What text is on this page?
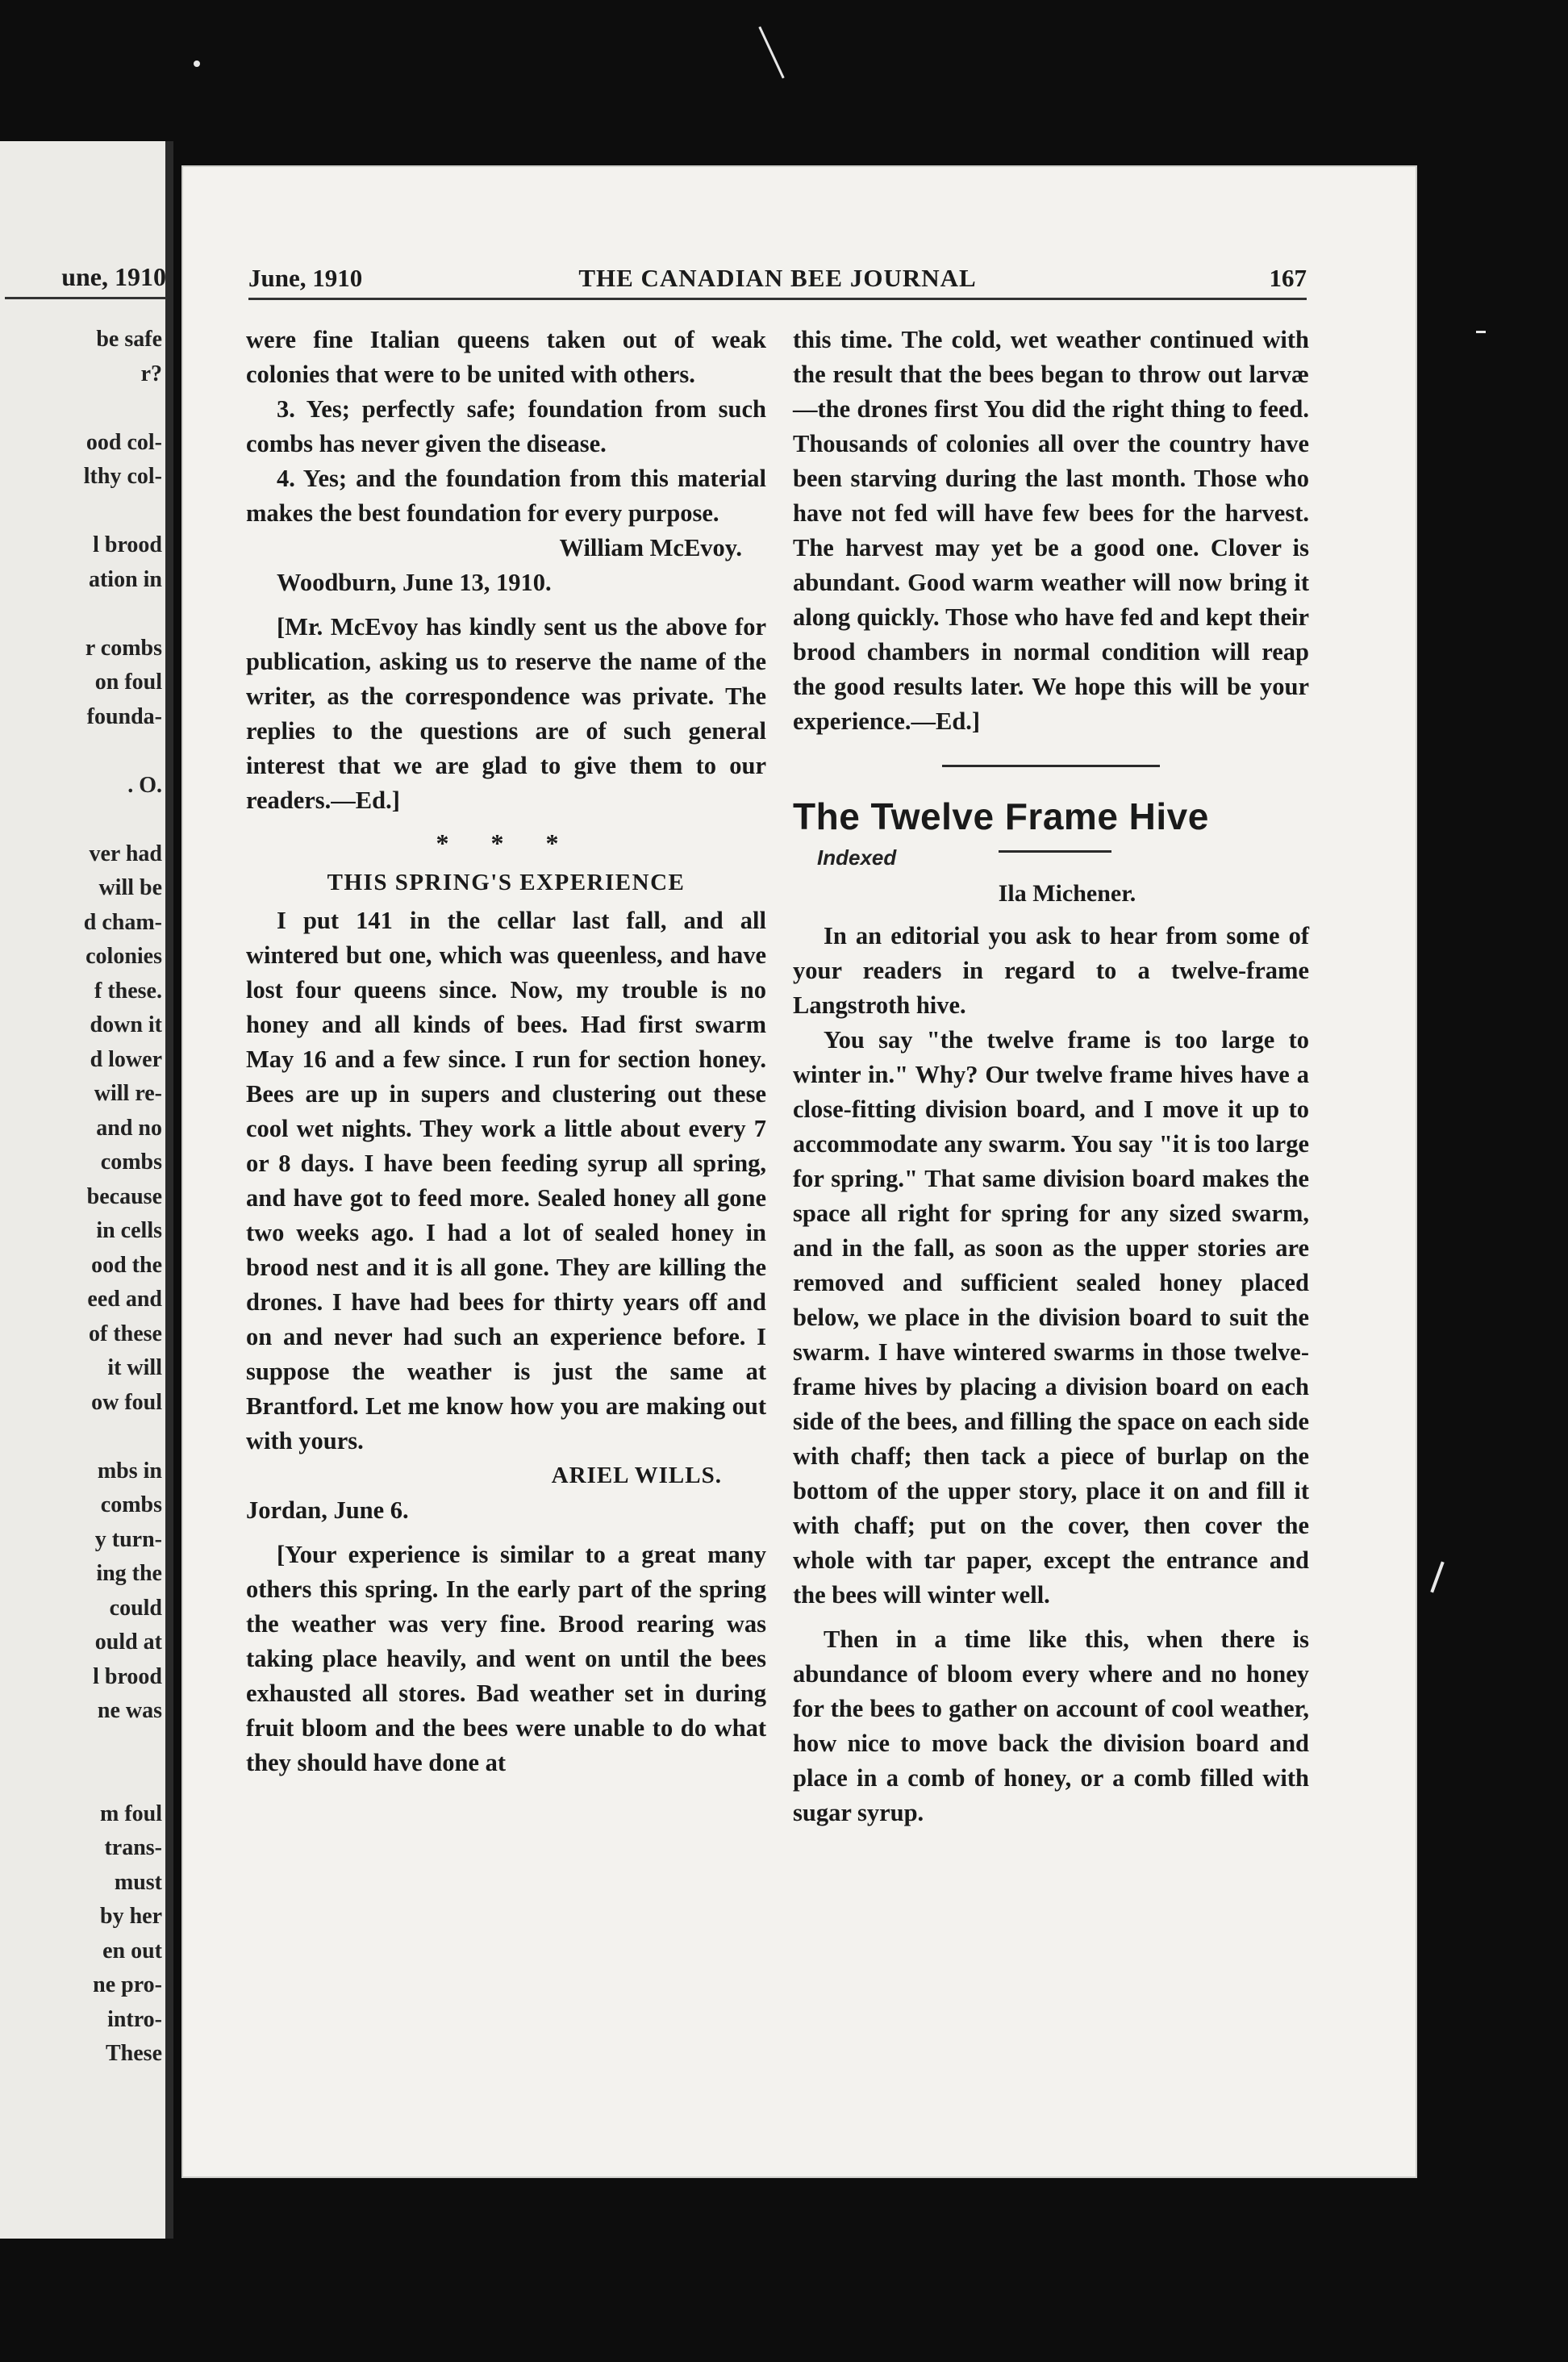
une, 1910
be safe
r?

ood col-
lthy col-

l brood
ation in

r combs
on foul
founda-

. O.

ver had
will be
d cham-
colonies
f these.
down it
d lower
will re-
and no
combs
because
in cells
ood the
eed and
of these
it will
ow foul

mbs in
combs
y turn-
ing the
could
ould at
l brood
ne was

m foul
trans-
must
by her
en out
ne pro-
intro-
These
June, 1910	THE CANADIAN BEE JOURNAL	167

were fine Italian queens taken out of weak colonies that were to be united with others.

3. Yes; perfectly safe; foundation from such combs has never given the disease.

4. Yes; and the foundation from this material makes the best foundation for every purpose.

William McEvoy.
Woodburn, June 13, 1910.

[Mr. McEvoy has kindly sent us the above for publication, asking us to reserve the name of the writer, as the correspondence was private. The replies to the questions are of such general interest that we are glad to give them to our readers.—Ed.]

* * *
THIS SPRING'S EXPERIENCE

I put 141 in the cellar last fall, and all wintered but one, which was queenless, and have lost four queens since. Now, my trouble is no honey and all kinds of bees. Had first swarm May 16 and a few since. I run for section honey. Bees are up in supers and clustering out these cool wet nights. They work a little about every 7 or 8 days. I have been feeding syrup all spring, and have got to feed more. Sealed honey all gone two weeks ago. I had a lot of sealed honey in brood nest and it is all gone. They are killing the drones. I have had bees for thirty years off and on and never had such an experience before. I suppose the weather is just the same at Brantford. Let me know how you are making out with yours.

ARIEL WILLS.
Jordan, June 6.

[Your experience is similar to a great many others this spring. In the early part of the spring the weather was very fine. Brood rearing was taking place heavily, and went on until the bees exhausted all stores. Bad weather set in during fruit bloom and the bees were unable to do what they should have done at

this time. The cold, wet weather continued with the result that the bees began to throw out larvæ—the drones first You did the right thing to feed. Thousands of colonies all over the country have been starving during the last month. Those who have not fed will have few bees for the harvest. The harvest may yet be a good one. Clover is abundant. Good warm weather will now bring it along quickly. Those who have fed and kept their brood chambers in normal condition will reap the good results later. We hope this will be your experience.—Ed.]

The Twelve Frame Hive
Indexed
Ila Michener.

In an editorial you ask to hear from some of your readers in regard to a twelve-frame Langstroth hive.

You say "the twelve frame is too large to winter in." Why? Our twelve frame hives have a close-fitting division board, and I move it up to accommodate any swarm. You say "it is too large for spring." That same division board makes the space all right for spring for any sized swarm, and in the fall, as soon as the upper stories are removed and sufficient sealed honey placed below, we place in the division board to suit the swarm. I have wintered swarms in those twelve-frame hives by placing a division board on each side of the bees, and filling the space on each side with chaff; then tack a piece of burlap on the bottom of the upper story, place it on and fill it with chaff; put on the cover, then cover the whole with tar paper, except the entrance and the bees will winter well.

Then in a time like this, when there is abundance of bloom every where and no honey for the bees to gather on account of cool weather, how nice to move back the division board and place in a comb of honey, or a comb filled with sugar syrup.
